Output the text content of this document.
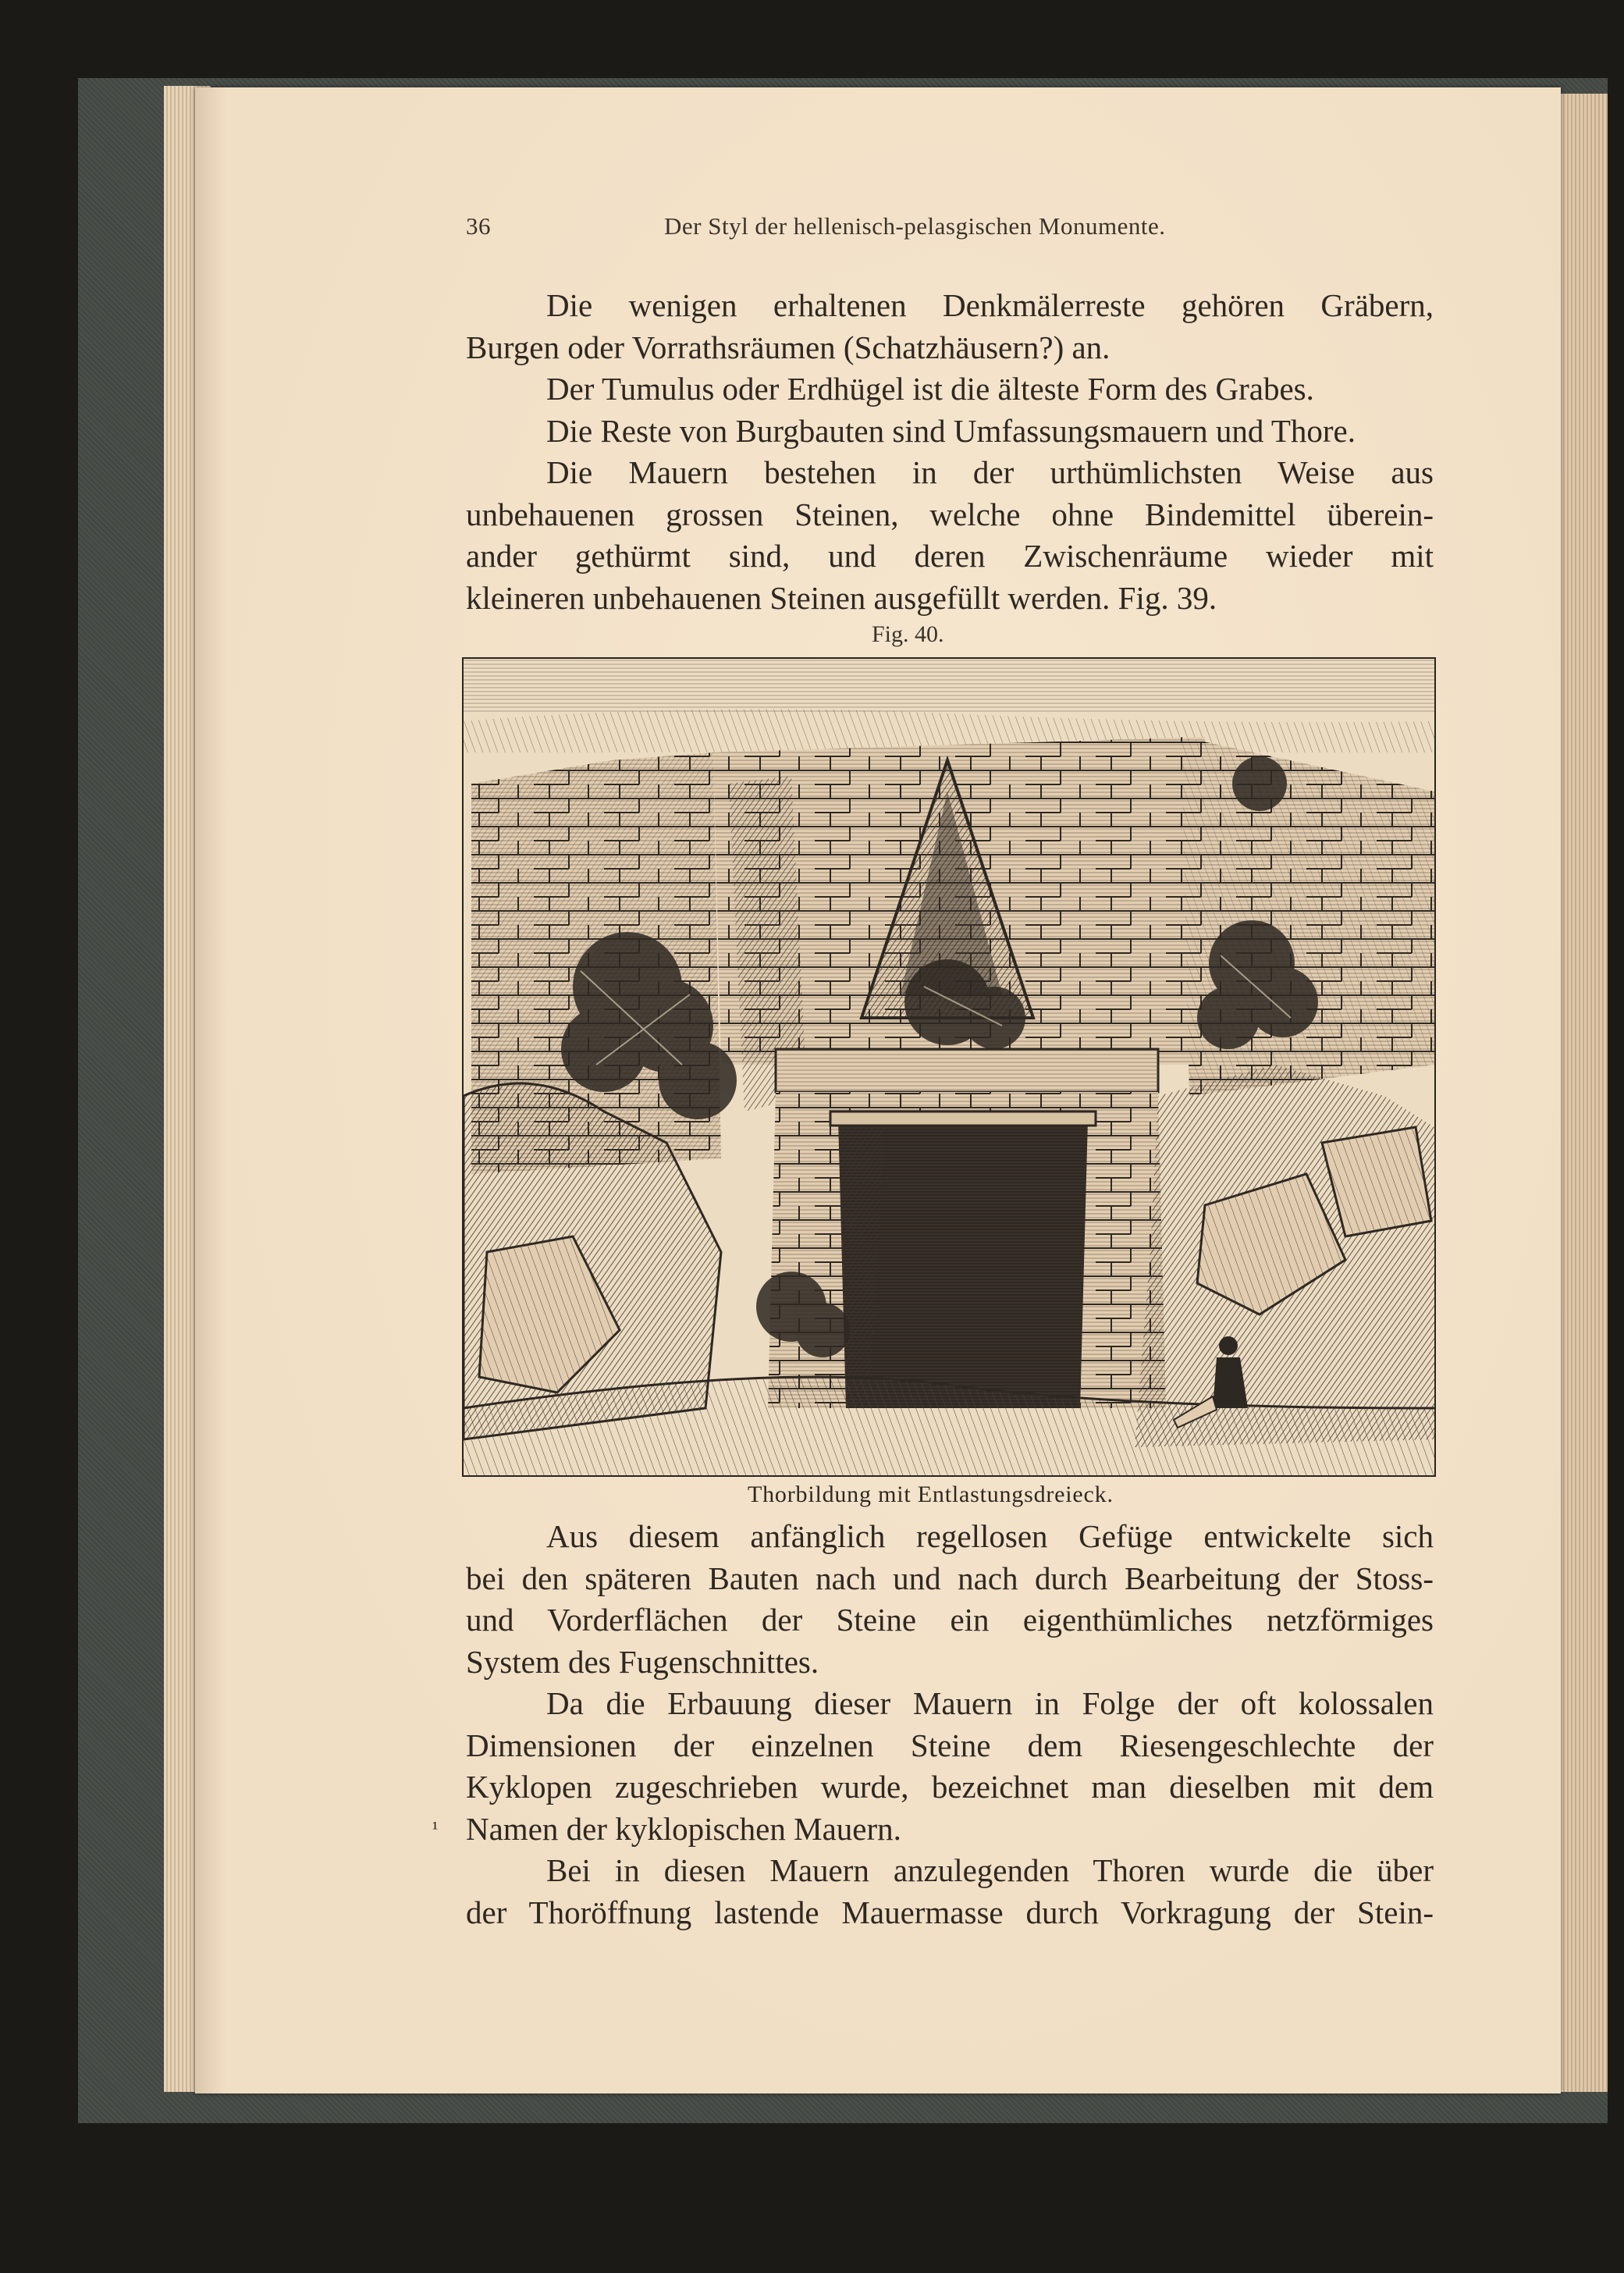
36	Der Styl der hellenisch-pelasgischen Monumente.
Die wenigen erhaltenen Denkmälerreste gehören Gräbern,
Burgen oder Vorrathsräumen (Schatzhäusern?) an.
Der Tumulus oder Erdhügel ist die älteste Form des Grabes.
Die Reste von Burgbauten sind Umfassungsmauern und Thore.
Die Mauern bestehen in der urthümlichsten Weise aus
unbehauenen grossen Steinen, welche ohne Bindemittel überein-
ander gethürmt sind, und deren Zwischenräume wieder mit
kleineren unbehauenen Steinen ausgefüllt werden. Fig. 39.
Fig. 40.
Thorbildung mit Entlastungsdreieck.
Aus diesem anfänglich regellosen Gefüge entwickelte sich
bei den späteren Bauten nach und nach durch Bearbeitung der Stoss-
und Vorderflächen der Steine ein eigenthümliches netzförmiges
System des Fugenschnittes.
Da die Erbauung dieser Mauern in Folge der oft kolossalen
Dimensionen der einzelnen Steine dem Riesengeschlechte der
Kyklopen zugeschrieben wurde, bezeichnet man dieselben mit dem
Namen der kyklopischen Mauern.
Bei in diesen Mauern anzulegenden Thoren wurde die über
der Thoröffnung lastende Mauermasse durch Vorkragung der Stein-
¹
